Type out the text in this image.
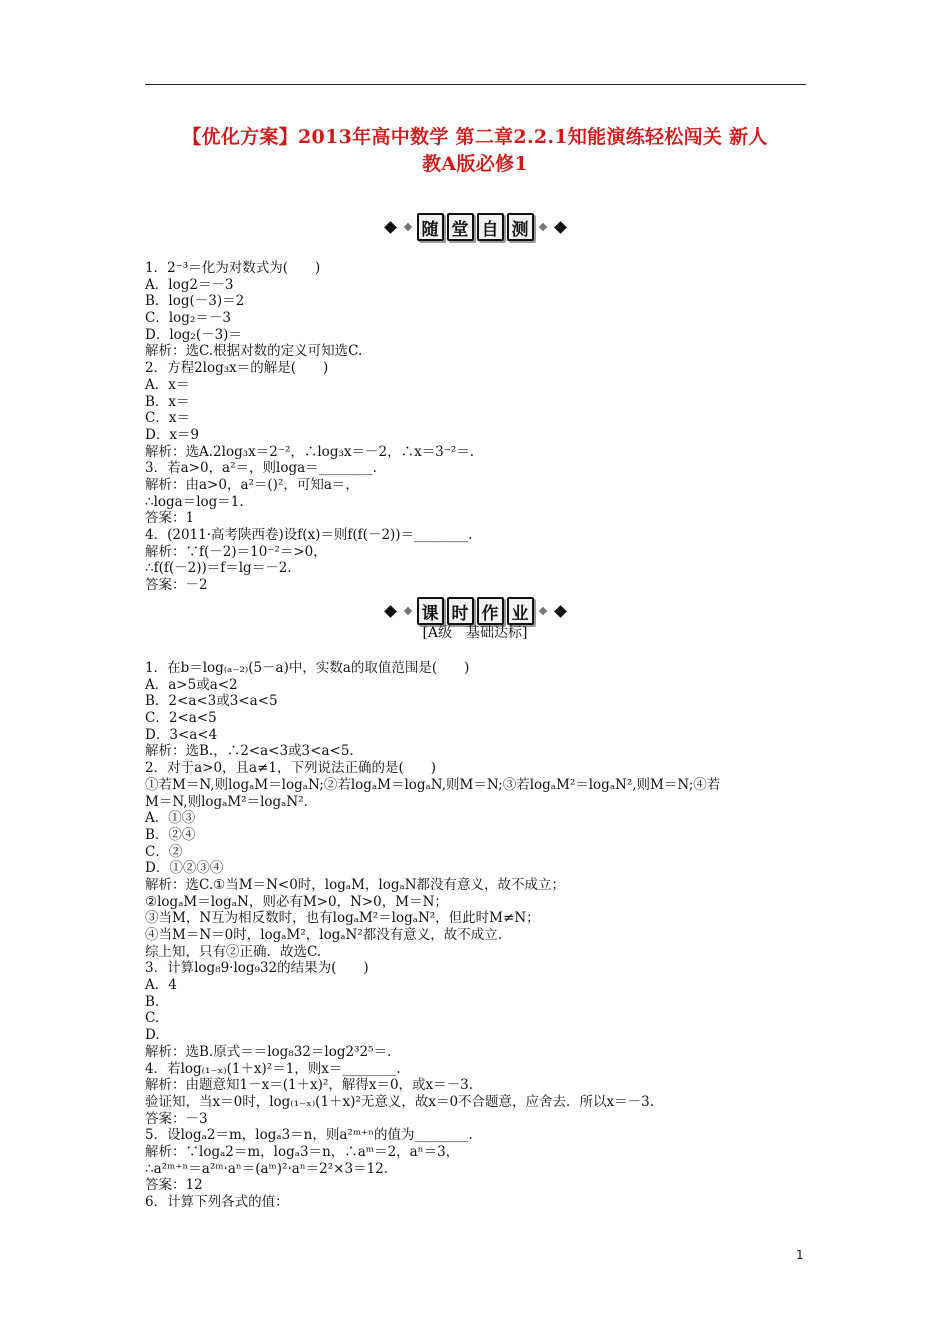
【优化方案】2013年高中数学 第二章2.2.1知能演练轻松闯关 新人
教A版必修1
随 堂 自 测
1．2⁻³＝化为对数式为(　　)
A．log2＝－3
B．log(－3)＝2
C．log₂＝－3
D．log₂(－3)＝
解析：选C.根据对数的定义可知选C.
2．方程2log₃x＝的解是(　　)
A．x＝
B．x＝
C．x＝
D．x＝9
解析：选A.2log₃x＝2⁻²，∴log₃x＝－2，∴x＝3⁻²＝.
3．若a>0，a²＝，则loga＝________.
解析：由a>0，a²＝()²，可知a＝，
∴loga＝log＝1.
答案：1
4．(2011·高考陕西卷)设f(x)＝则f(f(－2))＝________.
解析：∵f(－2)＝10⁻²＝>0，
∴f(f(－2))＝f＝lg＝－2.
答案：－2
课 时 作 业
[A级　基础达标]
1．在b＝log₍ₐ₋₂₎(5－a)中，实数a的取值范围是(　　)
A．a>5或a<2
B．2<a<3或3<a<5
C．2<a<5
D．3<a<4
解析：选B.，∴2<a<3或3<a<5.
2．对于a>0，且a≠1，下列说法正确的是(　　)
①若M＝N,则logₐM＝logₐN;②若logₐM＝logₐN,则M＝N;③若logₐM²＝logₐN²,则M＝N;④若
M＝N,则logₐM²＝logₐN².
A．①③
B．②④
C．②
D．①②③④
解析：选C.①当M＝N<0时，logₐM，logₐN都没有意义，故不成立；
②logₐM＝logₐN，则必有M>0，N>0，M＝N；
③当M，N互为相反数时，也有logₐM²＝logₐN²，但此时M≠N；
④当M＝N＝0时，logₐM²，logₐN²都没有意义，故不成立.
综上知，只有②正确．故选C.
3．计算log₈9·log₉32的结果为(　　)
A．4
B.
C.
D.
解析：选B.原式＝＝log₈32＝log2³2⁵＝.
4．若log₍₁₋ₓ₎(1＋x)²＝1，则x＝________.
解析：由题意知1－x＝(1＋x)²，解得x＝0，或x＝－3.
验证知，当x＝0时，log₍₁₋ₓ₎(1＋x)²无意义，故x＝0不合题意，应舍去．所以x＝－3.
答案：－3
5．设logₐ2＝m，logₐ3＝n，则a²ᵐ⁺ⁿ的值为________.
解析：∵logₐ2＝m，logₐ3＝n，∴aᵐ＝2，aⁿ＝3，
∴a²ᵐ⁺ⁿ＝a²ᵐ·aⁿ＝(aᵐ)²·aⁿ＝2²×3＝12.
答案：12
6．计算下列各式的值：
1
